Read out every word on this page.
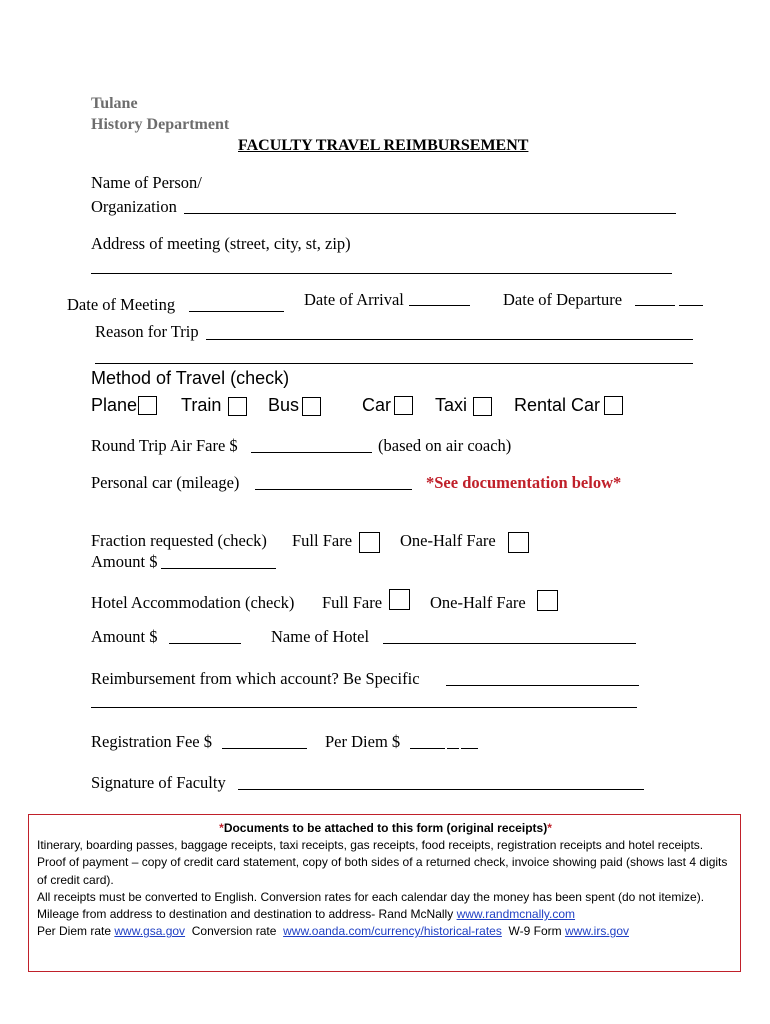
Tulane
History Department
FACULTY TRAVEL REIMBURSEMENT
Name of Person/
Organization
Address of meeting (street, city, st, zip)
Date of Meeting	Date of Arrival	Date of Departure
Reason for Trip
Method of Travel (check)
Plane Train	Bus	Car Taxi	Rental Car
Round Trip Air Fare $	(based on air coach)
Personal car (mileage)	*See documentation below*
Fraction requested (check) Full Fare	One-Half Fare
Amount $
Hotel Accommodation (check) Full Fare	One-Half Fare
Amount $	Name of Hotel
Reimbursement from which account? Be Specific
Registration Fee $	Per Diem $
Signature of Faculty
*Documents to be attached to this form (original receipts)*
Itinerary, boarding passes, baggage receipts, taxi receipts, gas receipts, food receipts, registration receipts and hotel receipts.
Proof of payment – copy of credit card statement, copy of both sides of a returned check, invoice showing paid (shows last 4 digits of credit card).
All receipts must be converted to English. Conversion rates for each calendar day the money has been spent (do not itemize).
Mileage from address to destination and destination to address- Rand McNally www.randmcnally.com
Per Diem rate www.gsa.gov  Conversion rate  www.oanda.com/currency/historical-rates  W-9 Form www.irs.gov
